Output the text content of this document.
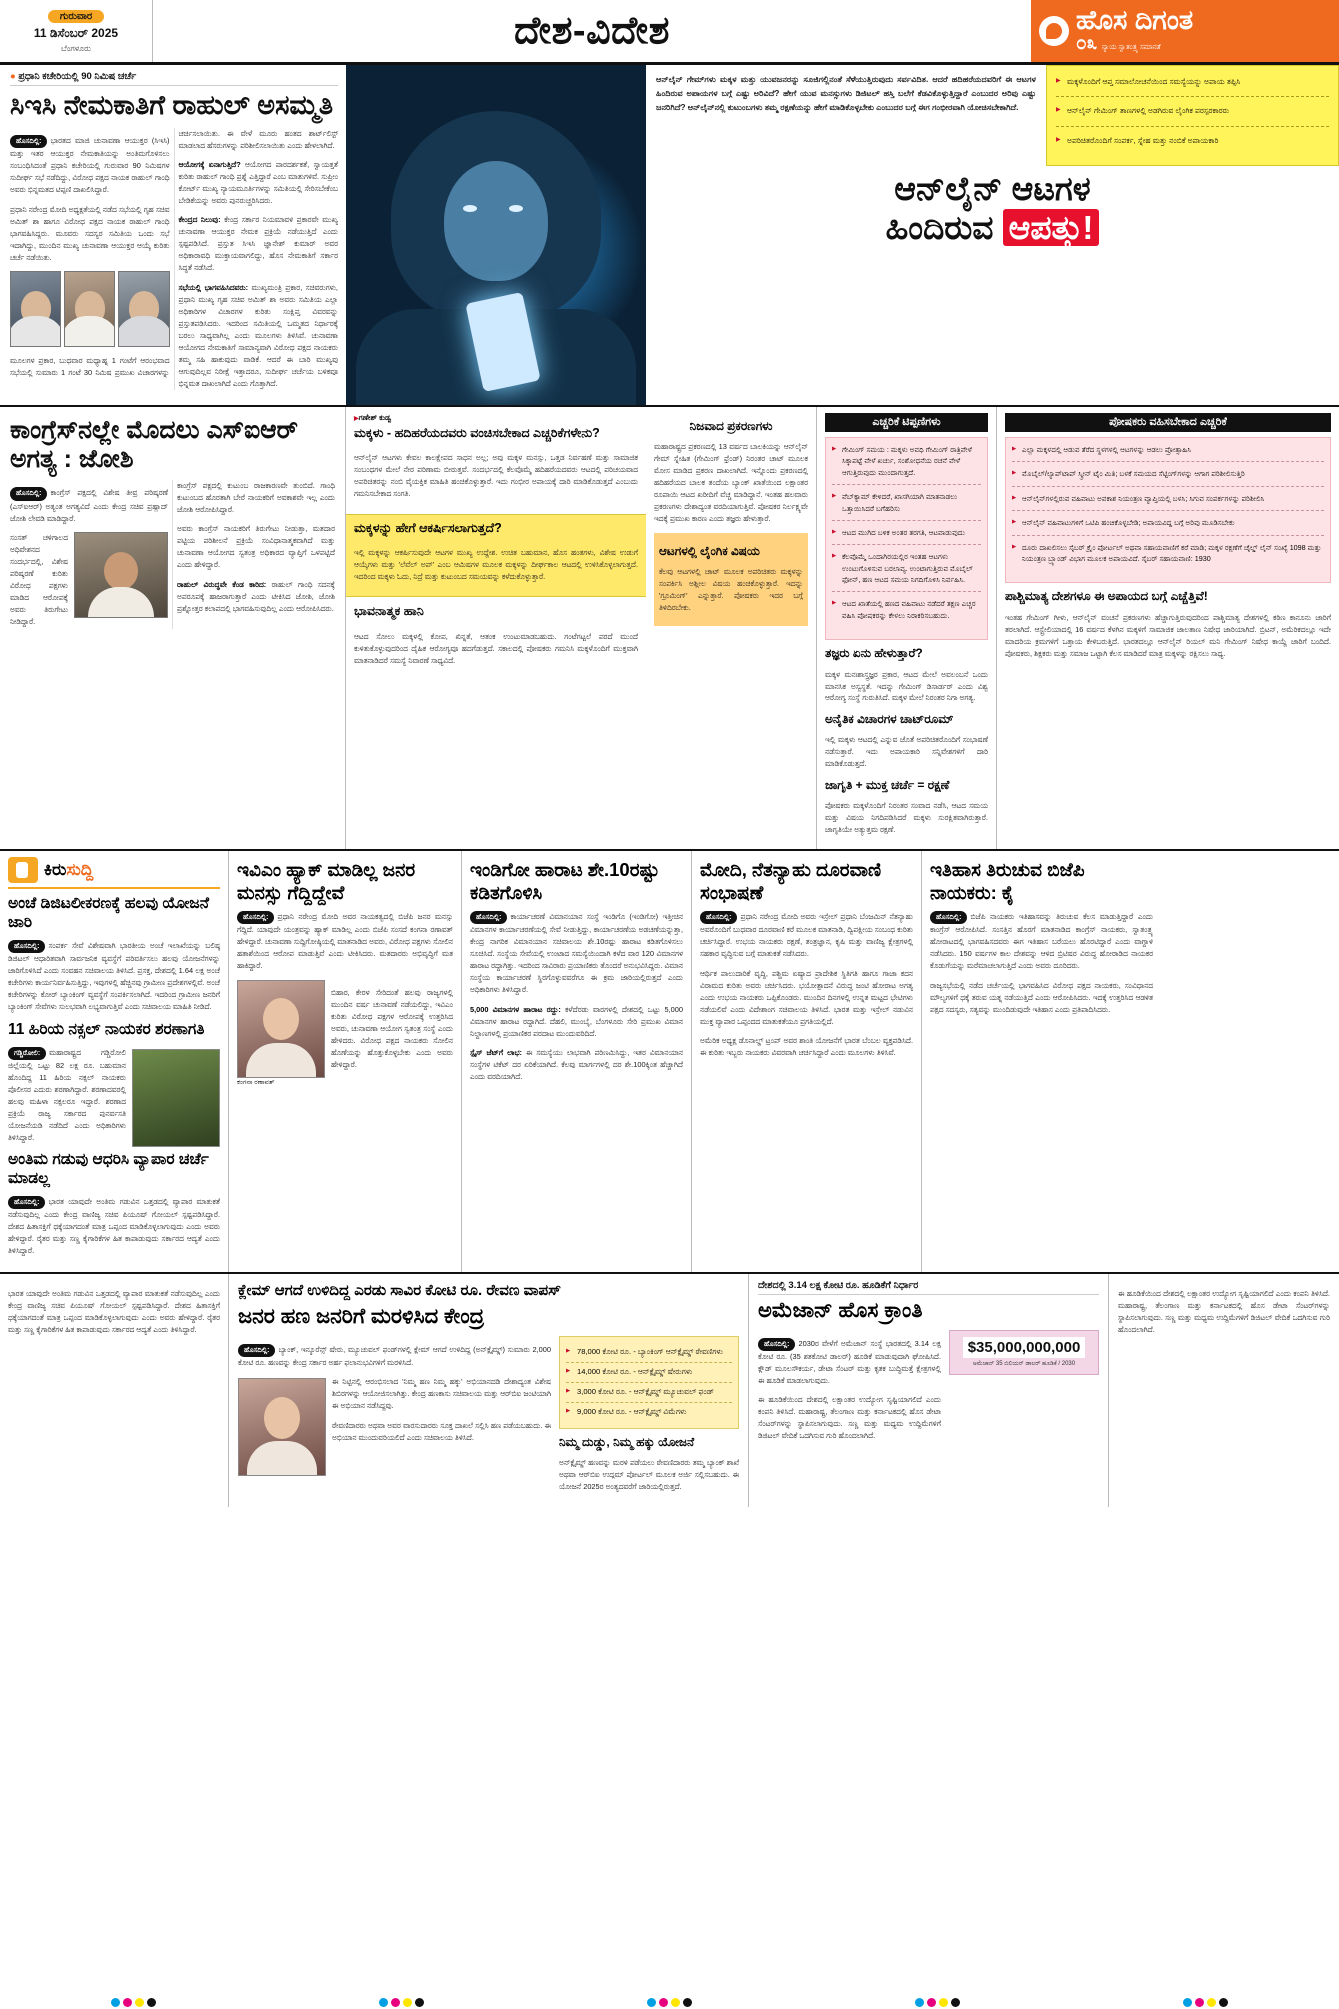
ಗುರುವಾರ
11 ಡಿಸೆಂಬರ್ 2025
ಬೆಂಗಳೂರು	ದೇಶ-ವಿದೇಶ	ಹೊಸ ದಿಗಂತ
೦೩ ನ್ಯಾಯ ಸ್ವಾತಂತ್ರ್ಯ ಸಮಾನತೆ
● ಪ್ರಧಾನಿ ಕಚೇರಿಯಲ್ಲಿ 90 ನಿಮಿಷ ಚರ್ಚೆ
ಸಿಇಸಿ ನೇಮಕಾತಿಗೆ ರಾಹುಲ್ ಅಸಮ್ಮತಿ

ಹೊಸದಿಲ್ಲಿ: ಭಾರತದ ಮಾಜಿ ಚುನಾವಣಾ ಆಯುಕ್ತರ (ಸಿಇಸಿ) ಮತ್ತು ಇತರ ಆಯುಕ್ತರ ನೇಮಕಾತಿಯನ್ನು ಅಂತಿಮಗೊಳಿಸಲು ಸಂಬಂಧಿಸಿದಂತೆ ಪ್ರಧಾನಿ ಕಚೇರಿಯಲ್ಲಿ ಗುರುವಾರ 90 ನಿಮಿಷಗಳ ಸುದೀರ್ಘ ಸಭೆ ನಡೆದಿದ್ದು, ವಿರೋಧ ಪಕ್ಷದ ನಾಯಕ ರಾಹುಲ್ ಗಾಂಧಿ ಅವರು ಭಿನ್ನಮತದ ಟಿಪ್ಪಣಿ ದಾಖಲಿಸಿದ್ದಾರೆ.

ಪ್ರಧಾನಿ ನರೇಂದ್ರ ಮೋದಿ ಅಧ್ಯಕ್ಷತೆಯಲ್ಲಿ ನಡೆದ ಸಭೆಯಲ್ಲಿ ಗೃಹ ಸಚಿವ ಅಮಿತ್ ಶಾ ಹಾಗೂ ವಿರೋಧ ಪಕ್ಷದ ನಾಯಕ ರಾಹುಲ್ ಗಾಂಧಿ ಭಾಗವಹಿಸಿದ್ದರು. ಮೂವರು ಸದಸ್ಯರ ಸಮಿತಿಯ ಒಂದು ಸಭೆ ಇದಾಗಿದ್ದು, ಮುಂದಿನ ಮುಖ್ಯ ಚುನಾವಣಾ ಆಯುಕ್ತರ ಆಯ್ಕೆ ಕುರಿತು ಚರ್ಚೆ ನಡೆಯಿತು.

ಮೂಲಗಳ ಪ್ರಕಾರ, ಬುಧವಾರ ಮಧ್ಯಾಹ್ನ 1 ಗಂಟೆಗೆ ಆರಂಭವಾದ ಸಭೆಯಲ್ಲಿ ಸುಮಾರು 1 ಗಂಟೆ 30 ನಿಮಿಷ ಪ್ರಮುಖ ವಿಚಾರಗಳನ್ನು ಚರ್ಚಿಸಲಾಯಿತು. ಈ ವೇಳೆ ಮೂರು ಹಂತದ ಶಾರ್ಟ್‌ಲಿಸ್ಟ್ ಮಾಡಲಾದ ಹೆಸರುಗಳನ್ನು ಪರಿಶೀಲಿಸಲಾಯಿತು ಎಂದು ಹೇಳಲಾಗಿದೆ.

ಆಯೋಗಕ್ಕೆ ಏನಾಗುತ್ತಿದೆ? ಆಯೋಗದ ಪಾರದರ್ಶಕತೆ, ಸ್ವಾಯತ್ತತೆ ಕುರಿತು ರಾಹುಲ್ ಗಾಂಧಿ ಪ್ರಶ್ನೆ ಎತ್ತಿದ್ದಾರೆ ಎಂಬ ಮಾತುಗಳಿವೆ. ಸುಪ್ರೀಂ ಕೋರ್ಟ್ ಮುಖ್ಯ ನ್ಯಾಯಮೂರ್ತಿಗಳನ್ನು ಸಮಿತಿಯಲ್ಲಿ ಸೇರಿಸಬೇಕೆಂಬ ಬೇಡಿಕೆಯನ್ನು ಅವರು ಪುನರುಚ್ಚರಿಸಿದರು.

ಕೇಂದ್ರದ ನಿಲುವು: ಕೇಂದ್ರ ಸರ್ಕಾರ ನಿಯಮಾವಳಿ ಪ್ರಕಾರವೇ ಮುಖ್ಯ ಚುನಾವಣಾ ಆಯುಕ್ತರ ನೇಮಕ ಪ್ರಕ್ರಿಯೆ ನಡೆಯುತ್ತಿದೆ ಎಂದು ಸ್ಪಷ್ಟಪಡಿಸಿದೆ. ಪ್ರಸ್ತುತ ಸಿಇಸಿ ಜ್ಞಾನೇಶ್ ಕುಮಾರ್ ಅವರ ಅಧಿಕಾರಾವಧಿ ಮುಕ್ತಾಯವಾಗಲಿದ್ದು, ಹೊಸ ನೇಮಕಾತಿಗೆ ಸರ್ಕಾರ ಸಿದ್ಧತೆ ನಡೆಸಿದೆ.

ಸಭೆಯಲ್ಲಿ ಭಾಗವಹಿಸಿದವರು: ಮುಖ್ಯಮಂತ್ರಿ ಪ್ರಕಾರ, ಸಚಿವರುಗಳು, ಪ್ರಧಾನಿ ಮುಖ್ಯ ಗೃಹ ಸಚಿವ ಅಮಿತ್ ಶಾ ಅವರು ಸಮಿತಿಯ ಎಲ್ಲಾ ಅಧಿಕಾರಿಗಳ ವಿಚಾರಗಳ ಕುರಿತು ಸಂಕ್ಷಿಪ್ತ ವಿವರವನ್ನು ಪ್ರಸ್ತುತಪಡಿಸಿದರು. ಇದರಿಂದ ಸಮಿತಿಯಲ್ಲಿ ಒಮ್ಮತದ ನಿರ್ಧಾರಕ್ಕೆ ಬರಲು ಸಾಧ್ಯವಾಗಿಲ್ಲ ಎಂದು ಮೂಲಗಳು ತಿಳಿಸಿವೆ. ಚುನಾವಣಾ ಆಯೋಗದ ನೇಮಕಾತಿಗೆ ಸಾಮಾನ್ಯವಾಗಿ ವಿರೋಧ ಪಕ್ಷದ ನಾಯಕರು ತಮ್ಮ ಸಹಿ ಹಾಕುವುದು ವಾಡಿಕೆ. ಆದರೆ ಈ ಬಾರಿ ಮುಖ್ಯವು ಆಗುವುದಿಲ್ಲವ ನಿರೀಕ್ಷೆ ಇತ್ತಾದರೂ, ಸುದೀರ್ಘ ಚರ್ಚೆಯ ಬಳಿಕವೂ ಭಿನ್ನಮತ ದಾಖಲಾಗಿದೆ ಎಂದು ಗೊತ್ತಾಗಿದೆ.

ಆನ್‌ಲೈನ್ ಗೇಮ್‌ಗಳು ಮಕ್ಕಳ ಮತ್ತು ಯುವಜನರನ್ನು ಸೂಜಿಗಲ್ಲಿನಂತೆ ಸೆಳೆಯುತ್ತಿರುವುದು ಸರ್ವವಿದಿತ. ಆದರೆ ಹದಿಹರೆಯದವರಿಗೆ ಈ ಆಟಗಳ ಹಿಂದಿರುವ ಅಪಾಯಗಳ ಬಗ್ಗೆ ಎಷ್ಟು ಅರಿವಿದೆ? ಹೇಗೆ ಯುವ ಮನಸ್ಸುಗಳು ಡಿಜಿಟಲ್ ಹಸ್ತಿ ಬಲೆಗೆ ಕೆಡವಿಕೊಳ್ಳುತ್ತಿದ್ದಾರೆ ಎಂಬುದರ ಅರಿವು ಎಷ್ಟು ಜನರಿಗಿದೆ? ಆನ್‌ಲೈನ್‌ನಲ್ಲಿ ಕುಟುಂಬಗಳು ತಮ್ಮ ರಕ್ಷಣೆಯನ್ನು ಹೇಗೆ ಮಾಡಿಕೊಳ್ಳಬೇಕು ಎಂಬುದರ ಬಗ್ಗೆ ಈಗ ಗಂಭೀರವಾಗಿ ಯೋಚಿಸಬೇಕಾಗಿದೆ.
▶ ಮಕ್ಕಳೊಂದಿಗೆ ಆಪ್ತ ಸಮಾಲೋಚನೆಯಿಂದ ಸಮಸ್ಯೆಯನ್ನು ಅಪಾಯ ತಪ್ಪಿಸಿ
▶ ಆನ್‌ಲೈನ್ ಗೇಮಿಂಗ್ ತಾಣಗಳಲ್ಲಿ ಅಡಗಿರುವ ಲೈಂಗಿಕ ಪರಸ್ಪರಕಾರರು
▶ ಅಪರಿಚಿತರೊಂದಿಗೆ ಸಂಪರ್ಕ, ಸ್ನೇಹ ಮತ್ತು ನಂಬಿಕೆ ಅಪಾಯಕಾರಿ
ಆನ್‌ಲೈನ್ ಆಟಗಳ
ಹಿಂದಿರುವ ಆಪತ್ತು!
ಕಾಂಗ್ರೆಸ್‌ನಲ್ಲೇ ಮೊದಲು ಎಸ್‌ಐಆರ್ ಅಗತ್ಯ : ಜೋಶಿ

ಹೊಸದಿಲ್ಲಿ: ಕಾಂಗ್ರೆಸ್ ಪಕ್ಷದಲ್ಲಿ ವಿಶೇಷ ತೀವ್ರ ಪರಿಷ್ಕರಣೆ (ಎಸ್‌ಐಆರ್) ಅತ್ಯಂತ ಅಗತ್ಯವಿದೆ ಎಂದು ಕೇಂದ್ರ ಸಚಿವ ಪ್ರಹ್ಲಾದ್ ಜೋಶಿ ಲೇವಡಿ ಮಾಡಿದ್ದಾರೆ.

ಸಂಸತ್ ಚಳಿಗಾಲದ ಅಧಿವೇಶನದ ಸಂದರ್ಭದಲ್ಲಿ, ವಿಶೇಷ ಪರಿಷ್ಕರಣೆ ಕುರಿತು ವಿರೋಧ ಪಕ್ಷಗಳು ಮಾಡಿದ ಆರೋಪಕ್ಕೆ ಅವರು ತಿರುಗೇಟು ನೀಡಿದ್ದಾರೆ.

ಕಾಂಗ್ರೆಸ್ ಪಕ್ಷದಲ್ಲಿ ಕುಟುಂಬ ರಾಜಕಾರಣವೇ ತುಂಬಿದೆ. ಗಾಂಧಿ ಕುಟುಂಬದ ಹೊರತಾಗಿ ಬೇರೆ ನಾಯಕರಿಗೆ ಅವಕಾಶವೇ ಇಲ್ಲ ಎಂದು ಜೋಶಿ ಆರೋಪಿಸಿದ್ದಾರೆ.

ಅವರು ಕಾಂಗ್ರೆಸ್ ನಾಯಕರಿಗೆ ತಿರುಗೇಟು ನೀಡುತ್ತಾ, ಮತದಾರ ಪಟ್ಟಿಯ ಪರಿಶೀಲನೆ ಪ್ರಕ್ರಿಯೆ ಸಂವಿಧಾನಾತ್ಮಕವಾಗಿದೆ ಮತ್ತು ಚುನಾವಣಾ ಆಯೋಗದ ಸ್ವತಂತ್ರ ಅಧಿಕಾರದ ವ್ಯಾಪ್ತಿಗೆ ಒಳಪಟ್ಟಿದೆ ಎಂದು ಹೇಳಿದ್ದಾರೆ.

ರಾಹುಲ್ ವಿರುದ್ಧವೇ ಕೆಂಡ ಕಾರಿದ: ರಾಹುಲ್ ಗಾಂಧಿ ಸದನಕ್ಕೆ ಅಪರೂಪಕ್ಕೆ ಹಾಜರಾಗುತ್ತಾರೆ ಎಂದು ಟೀಕಿಸಿದ ಜೋಶಿ, ಜೋಶಿ ಪ್ರಶ್ನೋತ್ತರ ಕಲಾಪದಲ್ಲಿ ಭಾಗವಹಿಸುವುದಿಲ್ಲ ಎಂದು ಆರೋಪಿಸಿದರು.

▶ ಗಣೇಶ್ ಕುಡ್ವ
ಮಕ್ಕಳು - ಹದಿಹರೆಯದವರು ವಂಚಿಸಬೇಕಾದ ಎಚ್ಚರಿಕೆಗಳೇನು?

ಆನ್‌ಲೈನ್ ಆಟಗಳು ಕೇವಲ ಕಾಲಕ್ಷೇಪದ ಸಾಧನ ಅಲ್ಲ; ಅವು ಮಕ್ಕಳ ಮನಸ್ಸು, ಒತ್ತಡ ನಿರ್ವಹಣೆ ಮತ್ತು ಸಾಮಾಜಿಕ ಸಂಬಂಧಗಳ ಮೇಲೆ ನೇರ ಪರಿಣಾಮ ಬೀರುತ್ತವೆ. ಸಂದರ್ಭದಲ್ಲಿ ಕೆಲವೊಮ್ಮೆ ಹದಿಹರೆಯದವರು ಆಟದಲ್ಲಿ ಪರಿಚಯವಾದ ಅಪರಿಚಿತರನ್ನು ನಂಬಿ ವೈಯಕ್ತಿಕ ಮಾಹಿತಿ ಹಂಚಿಕೊಳ್ಳುತ್ತಾರೆ. ಇದು ಗಂಭೀರ ಅಪಾಯಕ್ಕೆ ದಾರಿ ಮಾಡಿಕೊಡುತ್ತದೆ ಎಂಬುದು ಗಮನಿಸಬೇಕಾದ ಸಂಗತಿ.

ಮಕ್ಕಳನ್ನು ಹೇಗೆ ಆಕರ್ಷಿಸಲಾಗುತ್ತದೆ?

ಇಲ್ಲಿ ಮಕ್ಕಳನ್ನು ಆಕರ್ಷಿಸುವುದೇ ಆಟಗಳ ಮುಖ್ಯ ಉದ್ದೇಶ. ಉಚಿತ ಬಹುಮಾನ, ಹೊಸ ಹಂತಗಳು, ವಿಶೇಷ ಉಡುಗೆ ಆಯ್ಕೆಗಳು ಮತ್ತು 'ಲೆವೆಲ್ ಅಪ್' ಎಂಬ ಆಮಿಷಗಳ ಮೂಲಕ ಮಕ್ಕಳನ್ನು ದೀರ್ಘಕಾಲ ಆಟದಲ್ಲಿ ಉಳಿಸಿಕೊಳ್ಳಲಾಗುತ್ತದೆ. ಇದರಿಂದ ಮಕ್ಕಳು ಓದು, ನಿದ್ರೆ ಮತ್ತು ಕುಟುಂಬದ ಸಮಯವನ್ನು ಕಳೆದುಕೊಳ್ಳುತ್ತಾರೆ.

ಭಾವನಾತ್ಮಕ ಹಾನಿ

ಆಟದ ಸೋಲು ಮಕ್ಕಳಲ್ಲಿ ಕೋಪ, ಖಿನ್ನತೆ, ಆತಂಕ ಉಂಟುಮಾಡಬಹುದು. ಗಂಟೆಗಟ್ಟಲೆ ಪರದೆ ಮುಂದೆ ಕುಳಿತುಕೊಳ್ಳುವುದರಿಂದ ದೈಹಿಕ ಆರೋಗ್ಯವೂ ಹದಗೆಡುತ್ತದೆ. ಸಕಾಲದಲ್ಲಿ ಪೋಷಕರು ಗಮನಿಸಿ ಮಕ್ಕಳೊಂದಿಗೆ ಮುಕ್ತವಾಗಿ ಮಾತನಾಡಿದರೆ ಸಮಸ್ಯೆ ನಿವಾರಣೆ ಸಾಧ್ಯವಿದೆ.

ನಿಜವಾದ ಪ್ರಕರಣಗಳು

ಮಹಾರಾಷ್ಟ್ರದ ಪ್ರಕರಣದಲ್ಲಿ 13 ವರ್ಷದ ಬಾಲಕಿಯನ್ನು ಆನ್‌ಲೈನ್ ಗೇಮ್ ಸ್ನೇಹಿತ (ಗೇಮಿಂಗ್ ಫ್ರೆಂಡ್) ನಿರಂತರ ಚಾಟ್ ಮೂಲಕ ಮೋಸ ಮಾಡಿದ ಪ್ರಕರಣ ದಾಖಲಾಗಿದೆ. ಇನ್ನೊಂದು ಪ್ರಕರಣದಲ್ಲಿ ಹದಿಹರೆಯದ ಬಾಲಕ ತಂದೆಯ ಬ್ಯಾಂಕ್ ಖಾತೆಯಿಂದ ಲಕ್ಷಾಂತರ ರೂಪಾಯಿ ಆಟದ ಖರೀದಿಗೆ ವೆಚ್ಚ ಮಾಡಿದ್ದಾನೆ. ಇಂತಹ ಹಲವಾರು ಪ್ರಕರಣಗಳು ದೇಶಾದ್ಯಂತ ವರದಿಯಾಗುತ್ತಿವೆ. ಪೋಷಕರ ನಿರ್ಲಕ್ಷ್ಯವೇ ಇದಕ್ಕೆ ಪ್ರಮುಖ ಕಾರಣ ಎಂದು ತಜ್ಞರು ಹೇಳುತ್ತಾರೆ.

ಆಟಗಳಲ್ಲಿ ಲೈಂಗಿಕ ವಿಷಯ

ಕೆಲವು ಆಟಗಳಲ್ಲಿ ಚಾಟ್ ಮೂಲಕ ಅಪರಿಚಿತರು ಮಕ್ಕಳನ್ನು ಸಂಪರ್ಕಿಸಿ ಅಶ್ಲೀಲ ವಿಷಯ ಹಂಚಿಕೊಳ್ಳುತ್ತಾರೆ. ಇದನ್ನು 'ಗ್ರೂಮಿಂಗ್' ಎನ್ನುತ್ತಾರೆ. ಪೋಷಕರು ಇದರ ಬಗ್ಗೆ ತಿಳಿದಿರಬೇಕು.

ಎಚ್ಚರಿಕೆ ಟಿಪ್ಪಣಿಗಳು
▶ ಗೇಮಿಂಗ್ ಸಮಯ : ಮಕ್ಕಳು ಅವಧಿ ಗೇಮಿಂಗ್ ರಾತ್ರಿವೇಳೆ ಸಿಕ್ಕಾಪಟ್ಟೆ ವೇಳೆ ಖರ್ಚು, ಸಂಶೋಧನೆಯ ರಚನೆ ವೇಳೆ ಆಗುತ್ತಿರುವುದು ಮುಂದಾಗುತ್ತದೆ.
▶ ವೆಬ್‌ಕ್ಯಾಮ್ ಕೇಳಿದರೆ, ಖಾಸಗಿಯಾಗಿ ಮಾತನಾಡಲು ಒತ್ತಾಯಿಸಿದರೆ ಬಗೆಹರಿಸು
▶ ಆಟದ ಮುಗಿದ ಬಳಿಕ ಅಂತರ ತರಗತಿ, ಆಟವಾಡುವುದು
▶ ಕೆಲವೊಮ್ಮೆ ಒಂದಾಗಿರಯಲ್ಲಿರ ಇಂತಹ ಆಟಗಳು ಉಂಟುಗೊಳಿಸುವ ಬರಲಾವ್ಯ. ಉಂಟಾಗುತ್ತಿರುವ ಮೊಬೈಲ್ ಫೋನ್, ಹಣ ಆಟದ ಸಮಯ ನಿಗದಿಗೊಳಿಸಿ ನಿರ್ವಹಿಸಿ.
▶ ಆಟದ ಖಾತೆಯಲ್ಲಿ ಹಣದ ವಹಿವಾಟು ನಡೆದರೆ ತಕ್ಷಣ ಎಚ್ಚರ ವಹಿಸಿ ಪೋಷಕರನ್ನು ಕೇಳಲು ನಿರಾಕರಿಸಬಹುದು.
ತಜ್ಞರು ಏನು ಹೇಳುತ್ತಾರೆ?

ಮಕ್ಕಳ ಮನಃಶಾಸ್ತ್ರಜ್ಞರ ಪ್ರಕಾರ, ಆಟದ ಮೇಲೆ ಅವಲಂಬನೆ ಒಂದು ಮಾನಸಿಕ ಅಸ್ವಸ್ಥತೆ. ಇದನ್ನು ಗೇಮಿಂಗ್ ಡಿಸಾರ್ಡರ್ ಎಂದು ವಿಶ್ವ ಆರೋಗ್ಯ ಸಂಸ್ಥೆ ಗುರುತಿಸಿದೆ. ಮಕ್ಕಳ ಮೇಲೆ ನಿರಂತರ ನಿಗಾ ಅಗತ್ಯ.

ಅನೈತಿಕ ವಿಚಾರಗಳ ಚಾಟ್‌ರೂಮ್

ಇಲ್ಲಿ ಮಕ್ಕಳು ಆಟದಲ್ಲಿ ಎನ್ನುವ ಜೊತೆ ಅಪರಿಚಿತರೊಂದಿಗೆ ಸಂಭಾಷಣೆ ನಡೆಸುತ್ತಾರೆ. ಇದು ಅಪಾಯಕಾರಿ ಸನ್ನಿವೇಶಗಳಿಗೆ ದಾರಿ ಮಾಡಿಕೊಡುತ್ತದೆ.

ಜಾಗೃತಿ + ಮುಕ್ತ ಚರ್ಚೆ = ರಕ್ಷಣೆ

ಪೋಷಕರು ಮಕ್ಕಳೊಂದಿಗೆ ನಿರಂತರ ಸಂವಾದ ನಡೆಸಿ, ಆಟದ ಸಮಯ ಮತ್ತು ವಿಷಯ ನಿಗದಿಪಡಿಸಿದರೆ ಮಕ್ಕಳು ಸುರಕ್ಷಿತವಾಗಿರುತ್ತಾರೆ. ಜಾಗೃತಿಯೇ ಅತ್ಯುತ್ತಮ ರಕ್ಷಣೆ.

ಪೋಷಕರು ವಹಿಸಬೇಕಾದ ಎಚ್ಚರಿಕೆ
▶ ಎಲ್ಲಾ ಮಕ್ಕಳದಲ್ಲಿ ಆಡುವ ತೆರೆದ ಸ್ಥಳಗಳಲ್ಲಿ ಆಟಗಳನ್ನು ಆಡಲು ಪ್ರೋತ್ಸಾಹಿಸಿ
▶ ಮೊಬೈಲ್/ಲ್ಯಾಪ್‌ಟಾಪ್ ಸ್ಕ್ರೀನ್ ಟೈಂ ಮಿತಿ; ಬಳಕೆ ಸಮಯದ ಸೆಟ್ಟಿಂಗ್‌ಗಳನ್ನು ಆಗಾಗ ಪರಿಶೀಲಿಸುತ್ತಿರಿ
▶ ಆನ್‌ಲೈನ್‌ಗಳಲ್ಲಿರುವ ವಹಿವಾಟು ಅವಕಾಶ ನಿಯಂತ್ರಣ ವ್ಯಾಪ್ತಿಯಲ್ಲಿ ಬಳಸಿ; ಸಿಗುವ ಸಂಪರ್ಕಗಳನ್ನು ಪರಿಶೀಲಿಸಿ
▶ ಆನ್‌ಲೈನ್ ವಹಿವಾಟುಗಳಿಗೆ ಒಟಿಪಿ ಹಂಚಿಕೊಳ್ಳಬೇಡಿ; ಅಪಾಯವಿದ್ದ ಬಗ್ಗೆ ಅರಿವು ಮೂಡಿಸಬೇಕು
▶ ದೂರು ದಾಖಲಿಸಲು ಸೈಬರ್ ಕ್ರೈಂ ಪೋರ್ಟಲ್ ಅಥವಾ ಸಹಾಯವಾಣಿಗೆ ಕರೆ ಮಾಡಿ; ಮಕ್ಕಳ ರಕ್ಷಣೆಗೆ ಚೈಲ್ಡ್ ಲೈನ್ ಸಂಖ್ಯೆ 1098 ಮತ್ತು ನಿಯಂತ್ರಣ ಬ್ರ್ಯಾಂಡ್ ವಿಭಾಗ ಮೂಲಕ ಅಪಾಯವಿದೆ. ಸೈಬರ್ ಸಹಾಯವಾಣಿ: 1930
ಪಾಶ್ಚಿಮಾತ್ಯ ದೇಶಗಳೂ ಈ ಅಪಾಯದ ಬಗ್ಗೆ ಎಚ್ಚೆತ್ತಿವೆ!

ಇಂತಹ ಗೇಮಿಂಗ್ ಗೀಳು, ಆನ್‌ಲೈನ್ ವಂಚನೆ ಪ್ರಕರಣಗಳು ಹೆಚ್ಚಾಗುತ್ತಿರುವುದರಿಂದ ಪಾಶ್ಚಿಮಾತ್ಯ ದೇಶಗಳಲ್ಲಿ ಕಠಿಣ ಕಾನೂನು ಜಾರಿಗೆ ತರಲಾಗಿದೆ. ಆಸ್ಟ್ರೇಲಿಯಾದಲ್ಲಿ 16 ವರ್ಷದ ಕೆಳಗಿನ ಮಕ್ಕಳಿಗೆ ಸಾಮಾಜಿಕ ಜಾಲತಾಣ ನಿಷೇಧ ಜಾರಿಯಾಗಿದೆ. ಬ್ರಿಟನ್, ಅಮೆರಿಕದಲ್ಲೂ ಇದೇ ಮಾದರಿಯ ಕ್ರಮಗಳಿಗೆ ಒತ್ತಾಯ ಕೇಳಿಬರುತ್ತಿದೆ. ಭಾರತದಲ್ಲೂ ಆನ್‌ಲೈನ್ ರಿಯಲ್ ಮನಿ ಗೇಮಿಂಗ್ ನಿಷೇಧ ಕಾಯ್ದೆ ಜಾರಿಗೆ ಬಂದಿದೆ. ಪೋಷಕರು, ಶಿಕ್ಷಕರು ಮತ್ತು ಸಮಾಜ ಒಟ್ಟಾಗಿ ಕೆಲಸ ಮಾಡಿದರೆ ಮಾತ್ರ ಮಕ್ಕಳನ್ನು ರಕ್ಷಿಸಲು ಸಾಧ್ಯ.

ಕಿರುಸುದ್ದಿ
ಅಂಚೆ ಡಿಜಿಟಲೀಕರಣಕ್ಕೆ ಹಲವು ಯೋಜನೆ ಜಾರಿ

ಹೊಸದಿಲ್ಲಿ: ಸಂಪರ್ಕ ಸೇವೆ ವಿಶೇಷವಾಗಿ ಭಾರತೀಯ ಅಂಚೆ ಇಲಾಖೆಯನ್ನು ಬಲಿಷ್ಠ ಡಿಜಿಟಲ್ ಆಧಾರಿತವಾಗಿ ಸಾರ್ವಜನಿಕ ವ್ಯವಸ್ಥೆಗೆ ಪರಿವರ್ತಿಸಲು ಹಲವು ಯೋಜನೆಗಳನ್ನು ಜಾರಿಗೊಳಿಸಿದೆ ಎಂದು ಸಂವಹನ ಸಚಿವಾಲಯ ತಿಳಿಸಿದೆ. ಪ್ರಸಕ್ತ, ದೇಶದಲ್ಲಿ 1.64 ಲಕ್ಷ ಅಂಚೆ ಕಚೇರಿಗಳು ಕಾರ್ಯನಿರ್ವಹಿಸುತ್ತಿದ್ದು, ಇವುಗಳಲ್ಲಿ ಹೆಚ್ಚಿನವು ಗ್ರಾಮೀಣ ಪ್ರದೇಶಗಳಲ್ಲಿವೆ. ಅಂಚೆ ಕಚೇರಿಗಳನ್ನು ಕೋರ್ ಬ್ಯಾಂಕಿಂಗ್ ವ್ಯವಸ್ಥೆಗೆ ಸಂಪರ್ಕಿಸಲಾಗಿದೆ. ಇದರಿಂದ ಗ್ರಾಮೀಣ ಜನರಿಗೆ ಬ್ಯಾಂಕಿಂಗ್ ಸೇವೆಗಳು ಸುಲಭವಾಗಿ ಲಭ್ಯವಾಗುತ್ತಿವೆ ಎಂದು ಸಚಿವಾಲಯ ಮಾಹಿತಿ ನೀಡಿದೆ.

11 ಹಿರಿಯ ನಕ್ಸಲ್ ನಾಯಕರ ಶರಣಾಗತಿ

ಗಡ್ಚಿರೋಲಿ: ಮಹಾರಾಷ್ಟ್ರದ ಗಡ್ಚಿರೋಲಿ ಜಿಲ್ಲೆಯಲ್ಲಿ ಒಟ್ಟು 82 ಲಕ್ಷ ರೂ. ಬಹುಮಾನ ಹೊಂದಿದ್ದ 11 ಹಿರಿಯ ನಕ್ಸಲ್ ನಾಯಕರು ಪೊಲೀಸರ ಎದುರು ಶರಣಾಗಿದ್ದಾರೆ. ಶರಣಾದವರಲ್ಲಿ ಹಲವು ಮಹಿಳಾ ನಕ್ಸಲರೂ ಇದ್ದಾರೆ. ಶರಣಾದ ಪ್ರಕ್ರಿಯೆ ರಾಜ್ಯ ಸರ್ಕಾರದ ಪುನರ್ವಸತಿ ಯೋಜನೆಯಡಿ ನಡೆದಿದೆ ಎಂದು ಅಧಿಕಾರಿಗಳು ತಿಳಿಸಿದ್ದಾರೆ.

ಅಂತಿಮ ಗಡುವು ಆಧರಿಸಿ ವ್ಯಾಪಾರ ಚರ್ಚೆ ಮಾಡಲ್ಲ

ಹೊಸದಿಲ್ಲಿ: ಭಾರತ ಯಾವುದೇ ಅಂತಿಮ ಗಡುವಿನ ಒತ್ತಡದಲ್ಲಿ ವ್ಯಾಪಾರ ಮಾತುಕತೆ ನಡೆಸುವುದಿಲ್ಲ ಎಂದು ಕೇಂದ್ರ ವಾಣಿಜ್ಯ ಸಚಿವ ಪಿಯೂಷ್ ಗೋಯಲ್ ಸ್ಪಷ್ಟಪಡಿಸಿದ್ದಾರೆ. ದೇಶದ ಹಿತಾಸಕ್ತಿಗೆ ಧಕ್ಕೆಯಾಗದಂತೆ ಮಾತ್ರ ಒಪ್ಪಂದ ಮಾಡಿಕೊಳ್ಳಲಾಗುವುದು ಎಂದು ಅವರು ಹೇಳಿದ್ದಾರೆ. ರೈತರ ಮತ್ತು ಸಣ್ಣ ಕೈಗಾರಿಕೆಗಳ ಹಿತ ಕಾಪಾಡುವುದು ಸರ್ಕಾರದ ಆದ್ಯತೆ ಎಂದು ತಿಳಿಸಿದ್ದಾರೆ.

ಇವಿಎಂ ಹ್ಯಾಕ್ ಮಾಡಿಲ್ಲ ಜನರ ಮನಸ್ಸು ಗೆದ್ದಿದ್ದೇವೆ

ಹೊಸದಿಲ್ಲಿ: ಪ್ರಧಾನಿ ನರೇಂದ್ರ ಮೋದಿ ಅವರ ನಾಯಕತ್ವದಲ್ಲಿ ಬಿಜೆಪಿ ಜನರ ಮನಸ್ಸು ಗೆದ್ದಿದೆ. ಯಾವುದೇ ಯಂತ್ರವನ್ನು ಹ್ಯಾಕ್ ಮಾಡಿಲ್ಲ ಎಂದು ಬಿಜೆಪಿ ಸಂಸದೆ ಕಂಗನಾ ರಣಾವತ್ ಹೇಳಿದ್ದಾರೆ. ಚುನಾವಣಾ ಸುದ್ದಿಗೋಷ್ಠಿಯಲ್ಲಿ ಮಾತನಾಡಿದ ಅವರು, ವಿರೋಧ ಪಕ್ಷಗಳು ಸೋಲಿನ ಹತಾಶೆಯಿಂದ ಆರೋಪ ಮಾಡುತ್ತಿವೆ ಎಂದು ಟೀಕಿಸಿದರು. ಮತದಾರರು ಅಭಿವೃದ್ಧಿಗೆ ಮತ ಹಾಕಿದ್ದಾರೆ.

ಬಿಹಾರ, ಕೇರಳ ಸೇರಿದಂತೆ ಹಲವು ರಾಜ್ಯಗಳಲ್ಲಿ ಮುಂದಿನ ವರ್ಷ ಚುನಾವಣೆ ನಡೆಯಲಿದ್ದು, ಇವಿಎಂ ಕುರಿತು ವಿರೋಧ ಪಕ್ಷಗಳ ಆರೋಪಕ್ಕೆ ಉತ್ತರಿಸಿದ ಅವರು, ಚುನಾವಣಾ ಆಯೋಗ ಸ್ವತಂತ್ರ ಸಂಸ್ಥೆ ಎಂದು ಹೇಳಿದರು. ವಿರೋಧ ಪಕ್ಷದ ನಾಯಕರು ಸೋಲಿನ ಹೊಣೆಯನ್ನು ಹೊತ್ತುಕೊಳ್ಳಬೇಕು ಎಂದು ಅವರು ಹೇಳಿದ್ದಾರೆ.

ಕಂಗನಾ ರಣಾವತ್
ಇಂಡಿಗೋ ಹಾರಾಟ ಶೇ.10ರಷ್ಟು ಕಡಿತಗೊಳಿಸಿ

ಹೊಸದಿಲ್ಲಿ: ಕಾರ್ಯಾಚರಣೆ ವಿಮಾನಯಾನ ಸಂಸ್ಥೆ ಇಂಡಿಗೊ (ಇಂಡಿಗೋ) ಇತ್ತೀಚಿನ ವಿಮಾನಗಳ ಕಾರ್ಯಾಚರಣೆಯಲ್ಲಿ ಸೇವೆ ನೀಡುತ್ತಿದ್ದು, ಕಾರ್ಯಾಚರಣೆಯ ಅಡಚಣೆಯನ್ನುತ್ತಾ, ಕೇಂದ್ರ ನಾಗರಿಕ ವಿಮಾನಯಾನ ಸಚಿವಾಲಯ ಶೇ.10ರಷ್ಟು ಹಾರಾಟ ಕಡಿತಗೊಳಿಸಲು ಸೂಚಿಸಿದೆ. ಸಂಸ್ಥೆಯ ಸೇವೆಯಲ್ಲಿ ಉಂಟಾದ ಸಮಸ್ಯೆಯಿಂದಾಗಿ ಕಳೆದ ವಾರ 120 ವಿಮಾನಗಳ ಹಾರಾಟ ರದ್ದಾಗಿತ್ತು. ಇದರಿಂದ ಸಾವಿರಾರು ಪ್ರಯಾಣಿಕರು ತೊಂದರೆ ಅನುಭವಿಸಿದ್ದರು. ವಿಮಾನ ಸಂಸ್ಥೆಯ ಕಾರ್ಯಾಚರಣೆ ಸ್ಥಿರಗೊಳ್ಳುವವರೆಗೂ ಈ ಕ್ರಮ ಜಾರಿಯಲ್ಲಿರುತ್ತದೆ ಎಂದು ಅಧಿಕಾರಿಗಳು ತಿಳಿಸಿದ್ದಾರೆ.

5,000 ವಿಮಾನಗಳ ಹಾರಾಟ ರದ್ದು: ಕಳೆದೆರಡು ವಾರಗಳಲ್ಲಿ ದೇಶದಲ್ಲಿ ಒಟ್ಟು 5,000 ವಿಮಾನಗಳ ಹಾರಾಟ ರದ್ದಾಗಿದೆ. ದೆಹಲಿ, ಮುಂಬೈ, ಬೆಂಗಳೂರು ಸೇರಿ ಪ್ರಮುಖ ವಿಮಾನ ನಿಲ್ದಾಣಗಳಲ್ಲಿ ಪ್ರಯಾಣಿಕರ ಪರದಾಟ ಮುಂದುವರಿದಿದೆ.

ಸ್ಪೈಸ್ ಜೆಟ್‌ಗೆ ಲಾಭ: ಈ ಸಮಸ್ಯೆಯು ಲಾಭವಾಗಿ ಪರಿಣಮಿಸಿದ್ದು, ಇತರ ವಿಮಾನಯಾನ ಸಂಸ್ಥೆಗಳ ಟಿಕೆಟ್ ದರ ಏರಿಕೆಯಾಗಿದೆ. ಕೆಲವು ಮಾರ್ಗಗಳಲ್ಲಿ ದರ ಶೇ.100ಕ್ಕಿಂತ ಹೆಚ್ಚಾಗಿದೆ ಎಂದು ವರದಿಯಾಗಿದೆ.

ಮೋದಿ, ನೆತನ್ಯಾಹು ದೂರವಾಣಿ ಸಂಭಾಷಣೆ

ಹೊಸದಿಲ್ಲಿ: ಪ್ರಧಾನಿ ನರೇಂದ್ರ ಮೋದಿ ಅವರು ಇಸ್ರೇಲ್ ಪ್ರಧಾನಿ ಬೆಂಜಮಿನ್ ನೆತನ್ಯಾಹು ಅವರೊಂದಿಗೆ ಬುಧವಾರ ದೂರವಾಣಿ ಕರೆ ಮೂಲಕ ಮಾತನಾಡಿ, ದ್ವಿಪಕ್ಷೀಯ ಸಂಬಂಧ ಕುರಿತು ಚರ್ಚಿಸಿದ್ದಾರೆ. ಉಭಯ ನಾಯಕರು ರಕ್ಷಣೆ, ತಂತ್ರಜ್ಞಾನ, ಕೃಷಿ ಮತ್ತು ವಾಣಿಜ್ಯ ಕ್ಷೇತ್ರಗಳಲ್ಲಿ ಸಹಕಾರ ವೃದ್ಧಿಸುವ ಬಗ್ಗೆ ಮಾತುಕತೆ ನಡೆಸಿದರು.

ಆರ್ಥಿಕ ಪಾಲುದಾರಿಕೆ ವೃದ್ಧಿ, ಪಶ್ಚಿಮ ಏಷ್ಯಾದ ಪ್ರಾದೇಶಿಕ ಸ್ಥಿತಿಗತಿ ಹಾಗೂ ಗಾಜಾ ಕದನ ವಿರಾಮದ ಕುರಿತು ಅವರು ಚರ್ಚಿಸಿದರು. ಭಯೋತ್ಪಾದನೆ ವಿರುದ್ಧ ಜಂಟಿ ಹೋರಾಟ ಅಗತ್ಯ ಎಂದು ಉಭಯ ನಾಯಕರು ಒಪ್ಪಿಕೊಂಡರು. ಮುಂದಿನ ದಿನಗಳಲ್ಲಿ ಉನ್ನತ ಮಟ್ಟದ ಭೇಟಿಗಳು ನಡೆಯಲಿವೆ ಎಂದು ವಿದೇಶಾಂಗ ಸಚಿವಾಲಯ ತಿಳಿಸಿದೆ. ಭಾರತ ಮತ್ತು ಇಸ್ರೇಲ್ ನಡುವಿನ ಮುಕ್ತ ವ್ಯಾಪಾರ ಒಪ್ಪಂದದ ಮಾತುಕತೆಯೂ ಪ್ರಗತಿಯಲ್ಲಿದೆ.

ಅಮೆರಿಕ ಅಧ್ಯಕ್ಷ ಡೊನಾಲ್ಡ್ ಟ್ರಂಪ್ ಅವರ ಶಾಂತಿ ಯೋಜನೆಗೆ ಭಾರತ ಬೆಂಬಲ ವ್ಯಕ್ತಪಡಿಸಿದೆ. ಈ ಕುರಿತು ಇಬ್ಬರು ನಾಯಕರು ವಿವರವಾಗಿ ಚರ್ಚಿಸಿದ್ದಾರೆ ಎಂದು ಮೂಲಗಳು ತಿಳಿಸಿವೆ.

ಇತಿಹಾಸ ತಿರುಚುವ ಬಿಜೆಪಿ ನಾಯಕರು: ಕೈ

ಹೊಸದಿಲ್ಲಿ: ಬಿಜೆಪಿ ನಾಯಕರು ಇತಿಹಾಸವನ್ನು ತಿರುಚುವ ಕೆಲಸ ಮಾಡುತ್ತಿದ್ದಾರೆ ಎಂದು ಕಾಂಗ್ರೆಸ್ ಆರೋಪಿಸಿದೆ. ಸಂಸತ್ತಿನ ಹೊರಗೆ ಮಾತನಾಡಿದ ಕಾಂಗ್ರೆಸ್ ನಾಯಕರು, ಸ್ವಾತಂತ್ರ್ಯ ಹೋರಾಟದಲ್ಲಿ ಭಾಗವಹಿಸದವರು ಈಗ ಇತಿಹಾಸ ಬರೆಯಲು ಹೊರಟಿದ್ದಾರೆ ಎಂದು ವಾಗ್ದಾಳಿ ನಡೆಸಿದರು. 150 ವರ್ಷಗಳ ಕಾಲ ದೇಶವನ್ನು ಆಳಿದ ಬ್ರಿಟಿಷರ ವಿರುದ್ಧ ಹೋರಾಡಿದ ನಾಯಕರ ಕೊಡುಗೆಯನ್ನು ಮರೆಮಾಚಲಾಗುತ್ತಿದೆ ಎಂದು ಅವರು ದೂರಿದರು.

ರಾಜ್ಯಸಭೆಯಲ್ಲಿ ನಡೆದ ಚರ್ಚೆಯಲ್ಲಿ ಭಾಗವಹಿಸಿದ ವಿರೋಧ ಪಕ್ಷದ ನಾಯಕರು, ಸಂವಿಧಾನದ ಮೌಲ್ಯಗಳಿಗೆ ಧಕ್ಕೆ ತರುವ ಯತ್ನ ನಡೆಯುತ್ತಿದೆ ಎಂದು ಆರೋಪಿಸಿದರು. ಇದಕ್ಕೆ ಉತ್ತರಿಸಿದ ಆಡಳಿತ ಪಕ್ಷದ ಸದಸ್ಯರು, ಸತ್ಯವನ್ನು ಮುಂದಿಡುವುದೇ ಇತಿಹಾಸ ಎಂದು ಪ್ರತಿಪಾದಿಸಿದರು.

ಭಾರತ ಯಾವುದೇ ಅಂತಿಮ ಗಡುವಿನ ಒತ್ತಡದಲ್ಲಿ ವ್ಯಾಪಾರ ಮಾತುಕತೆ ನಡೆಸುವುದಿಲ್ಲ ಎಂದು ಕೇಂದ್ರ ವಾಣಿಜ್ಯ ಸಚಿವ ಪಿಯೂಷ್ ಗೋಯಲ್ ಸ್ಪಷ್ಟಪಡಿಸಿದ್ದಾರೆ. ದೇಶದ ಹಿತಾಸಕ್ತಿಗೆ ಧಕ್ಕೆಯಾಗದಂತೆ ಮಾತ್ರ ಒಪ್ಪಂದ ಮಾಡಿಕೊಳ್ಳಲಾಗುವುದು ಎಂದು ಅವರು ಹೇಳಿದ್ದಾರೆ. ರೈತರ ಮತ್ತು ಸಣ್ಣ ಕೈಗಾರಿಕೆಗಳ ಹಿತ ಕಾಪಾಡುವುದು ಸರ್ಕಾರದ ಆದ್ಯತೆ ಎಂದು ತಿಳಿಸಿದ್ದಾರೆ.

ಕ್ಲೇಮ್ ಆಗದೆ ಉಳಿದಿದ್ದ ಎರಡು ಸಾವಿರ ಕೋಟಿ ರೂ. ರೇವಣ ವಾಪಸ್
ಜನರ ಹಣ ಜನರಿಗೆ ಮರಳಿಸಿದ ಕೇಂದ್ರ

ಹೊಸದಿಲ್ಲಿ: ಬ್ಯಾಂಕ್, ಇನ್ಶೂರೆನ್ಸ್ ಷೇರು, ಮ್ಯೂಚುವಲ್ ಫಂಡ್‌ಗಳಲ್ಲಿ ಕ್ಲೇಮ್ ಆಗದೆ ಉಳಿದಿದ್ದ (ಅನ್‌ಕ್ಲೈಮ್ಡ್) ಸುಮಾರು 2,000 ಕೋಟಿ ರೂ. ಹಣವನ್ನು ಕೇಂದ್ರ ಸರ್ಕಾರ ಅರ್ಹ ಫಲಾನುಭವಿಗಳಿಗೆ ಮರಳಿಸಿದೆ.

ಈ ನಿಟ್ಟಿನಲ್ಲಿ ಆರಂಭಿಸಲಾದ 'ನಿಮ್ಮ ಹಣ ನಿಮ್ಮ ಹಕ್ಕು' ಅಭಿಯಾನದಡಿ ದೇಶಾದ್ಯಂತ ವಿಶೇಷ ಶಿಬಿರಗಳನ್ನು ಆಯೋಜಿಸಲಾಗಿತ್ತು. ಕೇಂದ್ರ ಹಣಕಾಸು ಸಚಿವಾಲಯ ಮತ್ತು ಆರ್‌ಬಿಐ ಜಂಟಿಯಾಗಿ ಈ ಅಭಿಯಾನ ನಡೆಸಿದ್ದವು.

ಠೇವಣಿದಾರರು ಅಥವಾ ಅವರ ವಾರಸುದಾರರು ಸೂಕ್ತ ದಾಖಲೆ ಸಲ್ಲಿಸಿ ಹಣ ಪಡೆಯಬಹುದು. ಈ ಅಭಿಯಾನ ಮುಂದುವರಿಯಲಿದೆ ಎಂದು ಸಚಿವಾಲಯ ತಿಳಿಸಿದೆ.

▶ 78,000 ಕೋಟಿ ರೂ. - ಬ್ಯಾಂಕಿಂಗ್ ಆನ್‌ಕ್ಲೈಮ್ಡ್ ಠೇವಣಿಗಳು
▶ 14,000 ಕೋಟಿ ರೂ. - ಆನ್‌ಕ್ಲೈಮ್ಡ್ ಷೇರುಗಳು
▶ 3,000 ಕೋಟಿ ರೂ. - ಆನ್‌ಕ್ಲೈಮ್ಡ್ ಮ್ಯೂಚುವಲ್ ಫಂಡ್
▶ 9,000 ಕೋಟಿ ರೂ. - ಆನ್‌ಕ್ಲೈಮ್ಡ್ ವಿಮೆಗಳು
ನಿಮ್ಮ ದುಡ್ಡು, ನಿಮ್ಮ ಹಕ್ಕು ಯೋಜನೆ

ಅನ್‌ಕ್ಲೈಮ್ಡ್ ಹಣವನ್ನು ಮರಳಿ ಪಡೆಯಲು ಠೇವಣಿದಾರರು ತಮ್ಮ ಬ್ಯಾಂಕ್ ಶಾಖೆ ಅಥವಾ ಆರ್‌ಬಿಐ ಉದ್ಗಮ್ ಪೋರ್ಟಲ್ ಮೂಲಕ ಅರ್ಜಿ ಸಲ್ಲಿಸಬಹುದು. ಈ ಯೋಜನೆ 2025ರ ಅಂತ್ಯದವರೆಗೆ ಜಾರಿಯಲ್ಲಿರುತ್ತದೆ.

ದೇಶದಲ್ಲಿ 3.14 ಲಕ್ಷ ಕೋಟಿ ರೂ. ಹೂಡಿಕೆಗೆ ನಿರ್ಧಾರ
ಅಮೆಜಾನ್ ಹೊಸ ಕ್ರಾಂತಿ

ಹೊಸದಿಲ್ಲಿ: 2030ರ ವೇಳೆಗೆ ಅಮೆಜಾನ್ ಸಂಸ್ಥೆ ಭಾರತದಲ್ಲಿ 3.14 ಲಕ್ಷ ಕೋಟಿ ರೂ. (35 ಶತಕೋಟಿ ಡಾಲರ್) ಹೂಡಿಕೆ ಮಾಡುವುದಾಗಿ ಘೋಷಿಸಿದೆ. ಕ್ಲೌಡ್ ಮೂಲಸೌಕರ್ಯ, ಡೇಟಾ ಸೆಂಟರ್ ಮತ್ತು ಕೃತಕ ಬುದ್ಧಿಮತ್ತೆ ಕ್ಷೇತ್ರಗಳಲ್ಲಿ ಈ ಹೂಡಿಕೆ ಮಾಡಲಾಗುವುದು.

ಈ ಹೂಡಿಕೆಯಿಂದ ದೇಶದಲ್ಲಿ ಲಕ್ಷಾಂತರ ಉದ್ಯೋಗ ಸೃಷ್ಟಿಯಾಗಲಿದೆ ಎಂದು ಕಂಪನಿ ತಿಳಿಸಿದೆ. ಮಹಾರಾಷ್ಟ್ರ, ತೆಲಂಗಾಣ ಮತ್ತು ಕರ್ನಾಟಕದಲ್ಲಿ ಹೊಸ ಡೇಟಾ ಸೆಂಟರ್‌ಗಳನ್ನು ಸ್ಥಾಪಿಸಲಾಗುವುದು. ಸಣ್ಣ ಮತ್ತು ಮಧ್ಯಮ ಉದ್ದಿಮೆಗಳಿಗೆ ಡಿಜಿಟಲ್ ವೇದಿಕೆ ಒದಗಿಸುವ ಗುರಿ ಹೊಂದಲಾಗಿದೆ.

$35,000,000,000
ಅಮೆಜಾನ್ 35 ಬಿಲಿಯನ್ ಡಾಲರ್ ಹೂಡಿಕೆ / 2030

ಈ ಹೂಡಿಕೆಯಿಂದ ದೇಶದಲ್ಲಿ ಲಕ್ಷಾಂತರ ಉದ್ಯೋಗ ಸೃಷ್ಟಿಯಾಗಲಿದೆ ಎಂದು ಕಂಪನಿ ತಿಳಿಸಿದೆ. ಮಹಾರಾಷ್ಟ್ರ, ತೆಲಂಗಾಣ ಮತ್ತು ಕರ್ನಾಟಕದಲ್ಲಿ ಹೊಸ ಡೇಟಾ ಸೆಂಟರ್‌ಗಳನ್ನು ಸ್ಥಾಪಿಸಲಾಗುವುದು. ಸಣ್ಣ ಮತ್ತು ಮಧ್ಯಮ ಉದ್ದಿಮೆಗಳಿಗೆ ಡಿಜಿಟಲ್ ವೇದಿಕೆ ಒದಗಿಸುವ ಗುರಿ ಹೊಂದಲಾಗಿದೆ.
